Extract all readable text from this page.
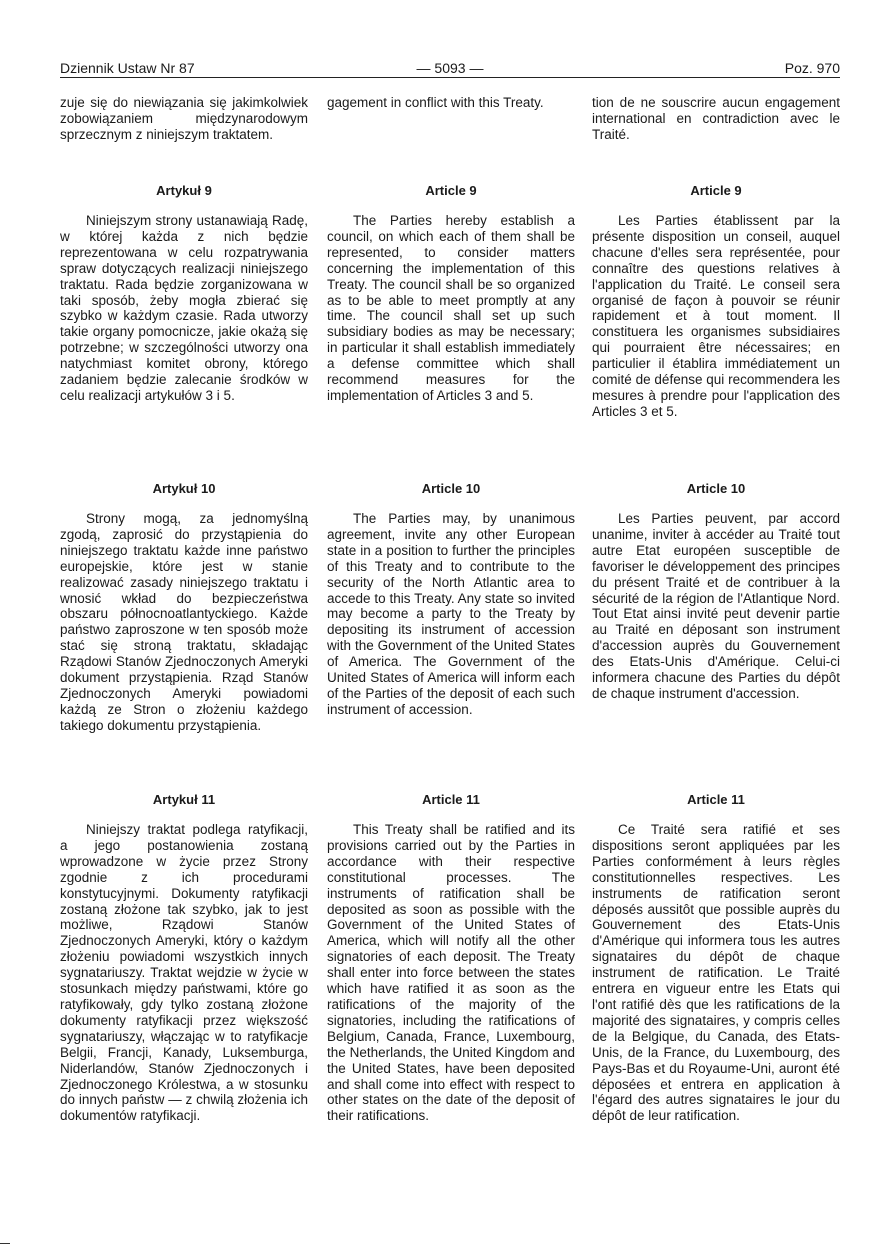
Dziennik Ustaw Nr 87	— 5093 —	Poz. 970

zuje się do niewiązania się jakimkolwiek zobowiązaniem międzynarodowym sprzecznym z niniejszym traktatem.

Artykuł 9

Niniejszym strony ustanawiają Radę, w której każda z nich będzie reprezentowana w celu rozpatrywania spraw dotyczących realizacji niniejszego traktatu. Rada będzie zorganizowana w taki sposób, żeby mogła zbierać się szybko w każdym czasie. Rada utworzy takie organy pomocnicze, jakie okażą się potrzebne; w szczególności utworzy ona natychmiast komitet obrony, którego zadaniem będzie zalecanie środków w celu realizacji artykułów 3 i 5.

Artykuł 10

Strony mogą, za jednomyślną zgodą, zaprosić do przystąpienia do niniejszego traktatu każde inne państwo europejskie, które jest w stanie realizować zasady niniejszego traktatu i wnosić wkład do bezpieczeństwa obszaru północnoatlantyckiego. Każde państwo zaproszone w ten sposób może stać się stroną traktatu, składając Rządowi Stanów Zjednoczonych Ameryki dokument przystąpienia. Rząd Stanów Zjednoczonych Ameryki powiadomi każdą ze Stron o złożeniu każdego takiego dokumentu przystąpienia.

Artykuł 11

Niniejszy traktat podlega ratyfikacji, a jego postanowienia zostaną wprowadzone w życie przez Strony zgodnie z ich procedurami konstytucyjnymi. Dokumenty ratyfikacji zostaną złożone tak szybko, jak to jest możliwe, Rządowi Stanów Zjednoczonych Ameryki, który o każdym złożeniu powiadomi wszystkich innych sygnatariuszy. Traktat wejdzie w życie w stosunkach między państwami, które go ratyfikowały, gdy tylko zostaną złożone dokumenty ratyfikacji przez większość sygnatariuszy, włączając w to ratyfikacje Belgii, Francji, Kanady, Luksemburga, Niderlandów, Stanów Zjednoczonych i Zjednoczonego Królestwa, a w stosunku do innych państw — z chwilą złożenia ich dokumentów ratyfikacji.

gagement in conflict with this Treaty.

Article 9

The Parties hereby establish a council, on which each of them shall be represented, to consider matters concerning the implementation of this Treaty. The council shall be so organized as to be able to meet promptly at any time. The council shall set up such subsidiary bodies as may be necessary; in particular it shall establish immediately a defense committee which shall recommend measures for the implementation of Articles 3 and 5.

Article 10

The Parties may, by unanimous agreement, invite any other European state in a position to further the principles of this Treaty and to contribute to the security of the North Atlantic area to accede to this Treaty. Any state so invited may become a party to the Treaty by depositing its instrument of accession with the Government of the United States of America. The Government of the United States of America will inform each of the Parties of the deposit of each such instrument of accession.

Article 11

This Treaty shall be ratified and its provisions carried out by the Parties in accordance with their respective constitutional processes. The instruments of ratification shall be deposited as soon as possible with the Government of the United States of America, which will notify all the other signatories of each deposit. The Treaty shall enter into force between the states which have ratified it as soon as the ratifications of the majority of the signatories, including the ratifications of Belgium, Canada, France, Luxembourg, the Netherlands, the United Kingdom and the United States, have been deposited and shall come into effect with respect to other states on the date of the deposit of their ratifications.

tion de ne souscrire aucun engagement international en contradiction avec le Traité.

Article 9

Les Parties établissent par la présente disposition un conseil, auquel chacune d'elles sera représentée, pour connaître des questions relatives à l'application du Traité. Le conseil sera organisé de façon à pouvoir se réunir rapidement et à tout moment. Il constituera les organismes subsidiaires qui pourraient être nécessaires; en particulier il établira immédiatement un comité de défense qui recommendera les mesures à prendre pour l'application des Articles 3 et 5.

Article 10

Les Parties peuvent, par accord unanime, inviter à accéder au Traité tout autre Etat européen susceptible de favoriser le développement des principes du présent Traité et de contribuer à la sécurité de la région de l'Atlantique Nord. Tout Etat ainsi invité peut devenir partie au Traité en déposant son instrument d'accession auprès du Gouvernement des Etats-Unis d'Amérique. Celui-ci informera chacune des Parties du dépôt de chaque instrument d'accession.

Article 11

Ce Traité sera ratifié et ses dispositions seront appliquées par les Parties conformément à leurs règles constitutionnelles respectives. Les instruments de ratification seront déposés aussitôt que possible auprès du Gouvernement des Etats-Unis d'Amérique qui informera tous les autres signataires du dépôt de chaque instrument de ratification. Le Traité entrera en vigueur entre les Etats qui l'ont ratifié dès que les ratifications de la majorité des signataires, y compris celles de la Belgique, du Canada, des Etats-Unis, de la France, du Luxembourg, des Pays-Bas et du Royaume-Uni, auront été déposées et entrera en application à l'égard des autres signataires le jour du dépôt de leur ratification.
